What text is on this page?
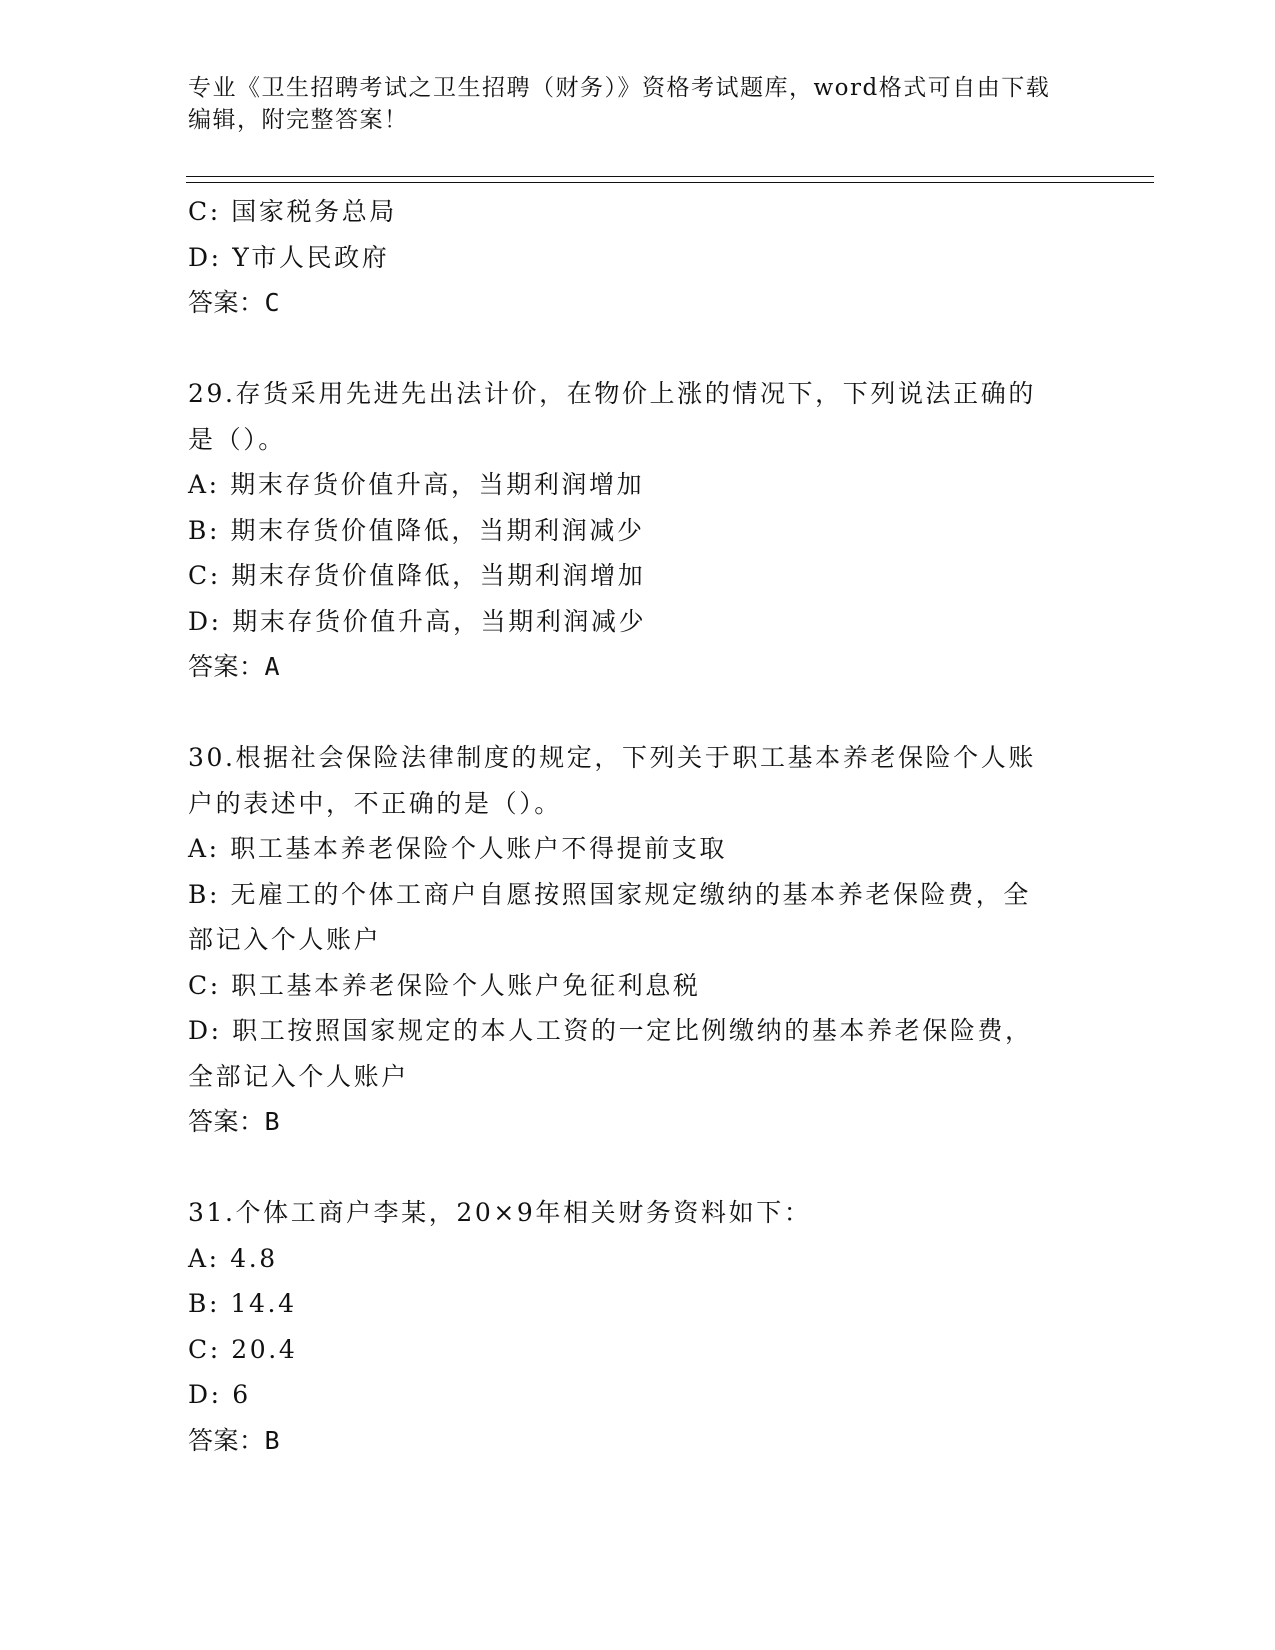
专业《卫生招聘考试之卫生招聘（财务）》资格考试题库，word格式可自由下载
编辑，附完整答案！
C: 国家税务总局
D: Y市人民政府
答案：C
29.存货采用先进先出法计价，在物价上涨的情况下，下列说法正确的
是（）。
A: 期末存货价值升高，当期利润增加
B: 期末存货价值降低，当期利润减少
C: 期末存货价值降低，当期利润增加
D: 期末存货价值升高，当期利润减少
答案：A
30.根据社会保险法律制度的规定，下列关于职工基本养老保险个人账
户的表述中，不正确的是（）。
A: 职工基本养老保险个人账户不得提前支取
B: 无雇工的个体工商户自愿按照国家规定缴纳的基本养老保险费，全
部记入个人账户
C: 职工基本养老保险个人账户免征利息税
D: 职工按照国家规定的本人工资的一定比例缴纳的基本养老保险费，
全部记入个人账户
答案：B
31.个体工商户李某，20×9年相关财务资料如下：
A: 4.8
B: 14.4
C: 20.4
D: 6
答案：B
